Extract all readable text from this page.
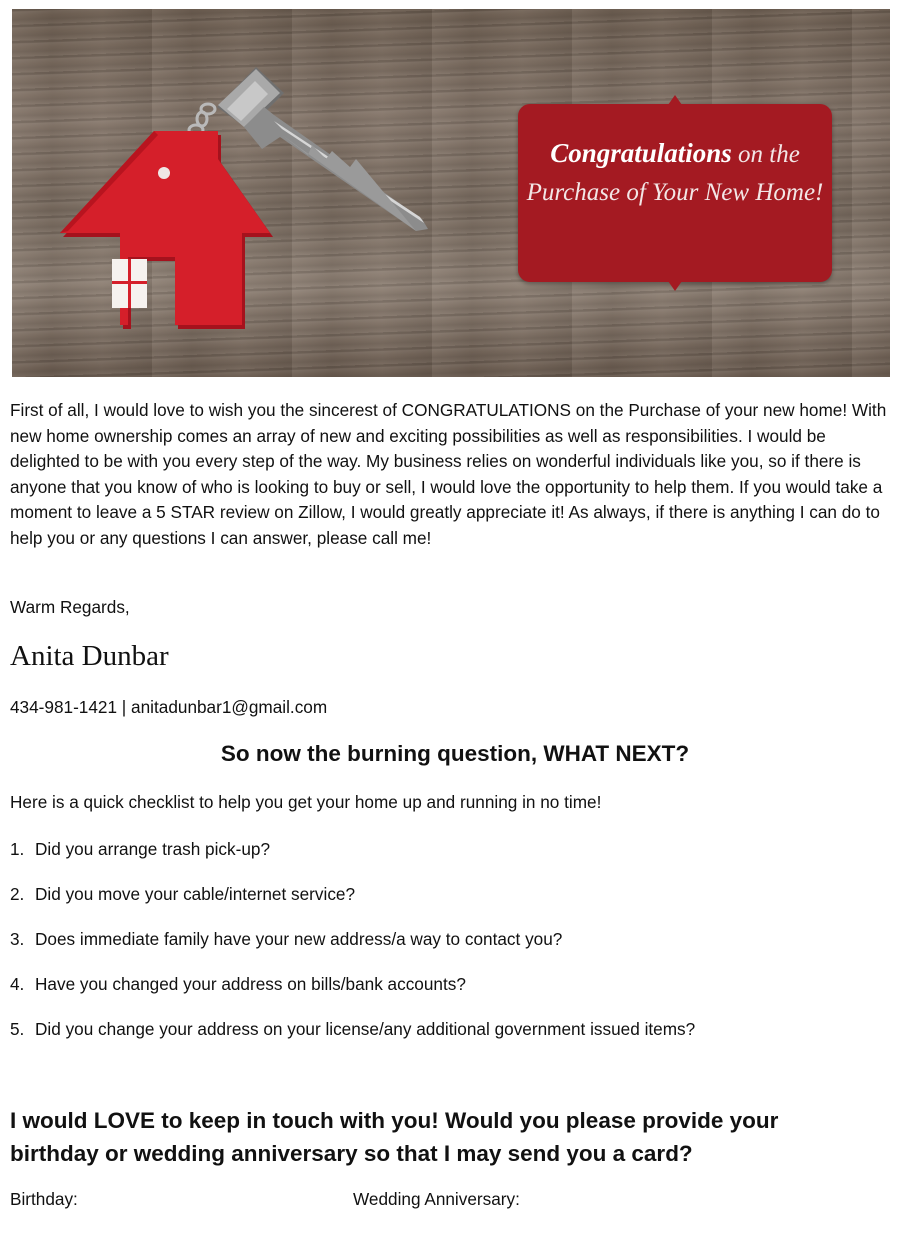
Congratulations on the Purchase of Your New Home!

First of all, I would love to wish you the sincerest of CONGRATULATIONS on the Purchase of your new home! With new home ownership comes an array of new and exciting possibilities as well as responsibilities. I would be delighted to be with you every step of the way. My business relies on wonderful individuals like you, so if there is anyone that you know of who is looking to buy or sell, I would love the opportunity to help them. If you would take a moment to leave a 5 STAR review on Zillow, I would greatly appreciate it! As always, if there is anything I can do to help you or any questions I can answer, please call me!

Warm Regards,

Anita Dunbar

434-981-1421 | anitadunbar1@gmail.com

So now the burning question, WHAT NEXT?

Here is a quick checklist to help you get your home up and running in no time!

1. Did you arrange trash pick-up?
2. Did you move your cable/internet service?
3. Does immediate family have your new address/a way to contact you?
4. Have you changed your address on bills/bank accounts?
5. Did you change your address on your license/any additional government issued items?

I would LOVE to keep in touch with you! Would you please provide your birthday or wedding anniversary so that I may send you a card?

Birthday:	Wedding Anniversary:
